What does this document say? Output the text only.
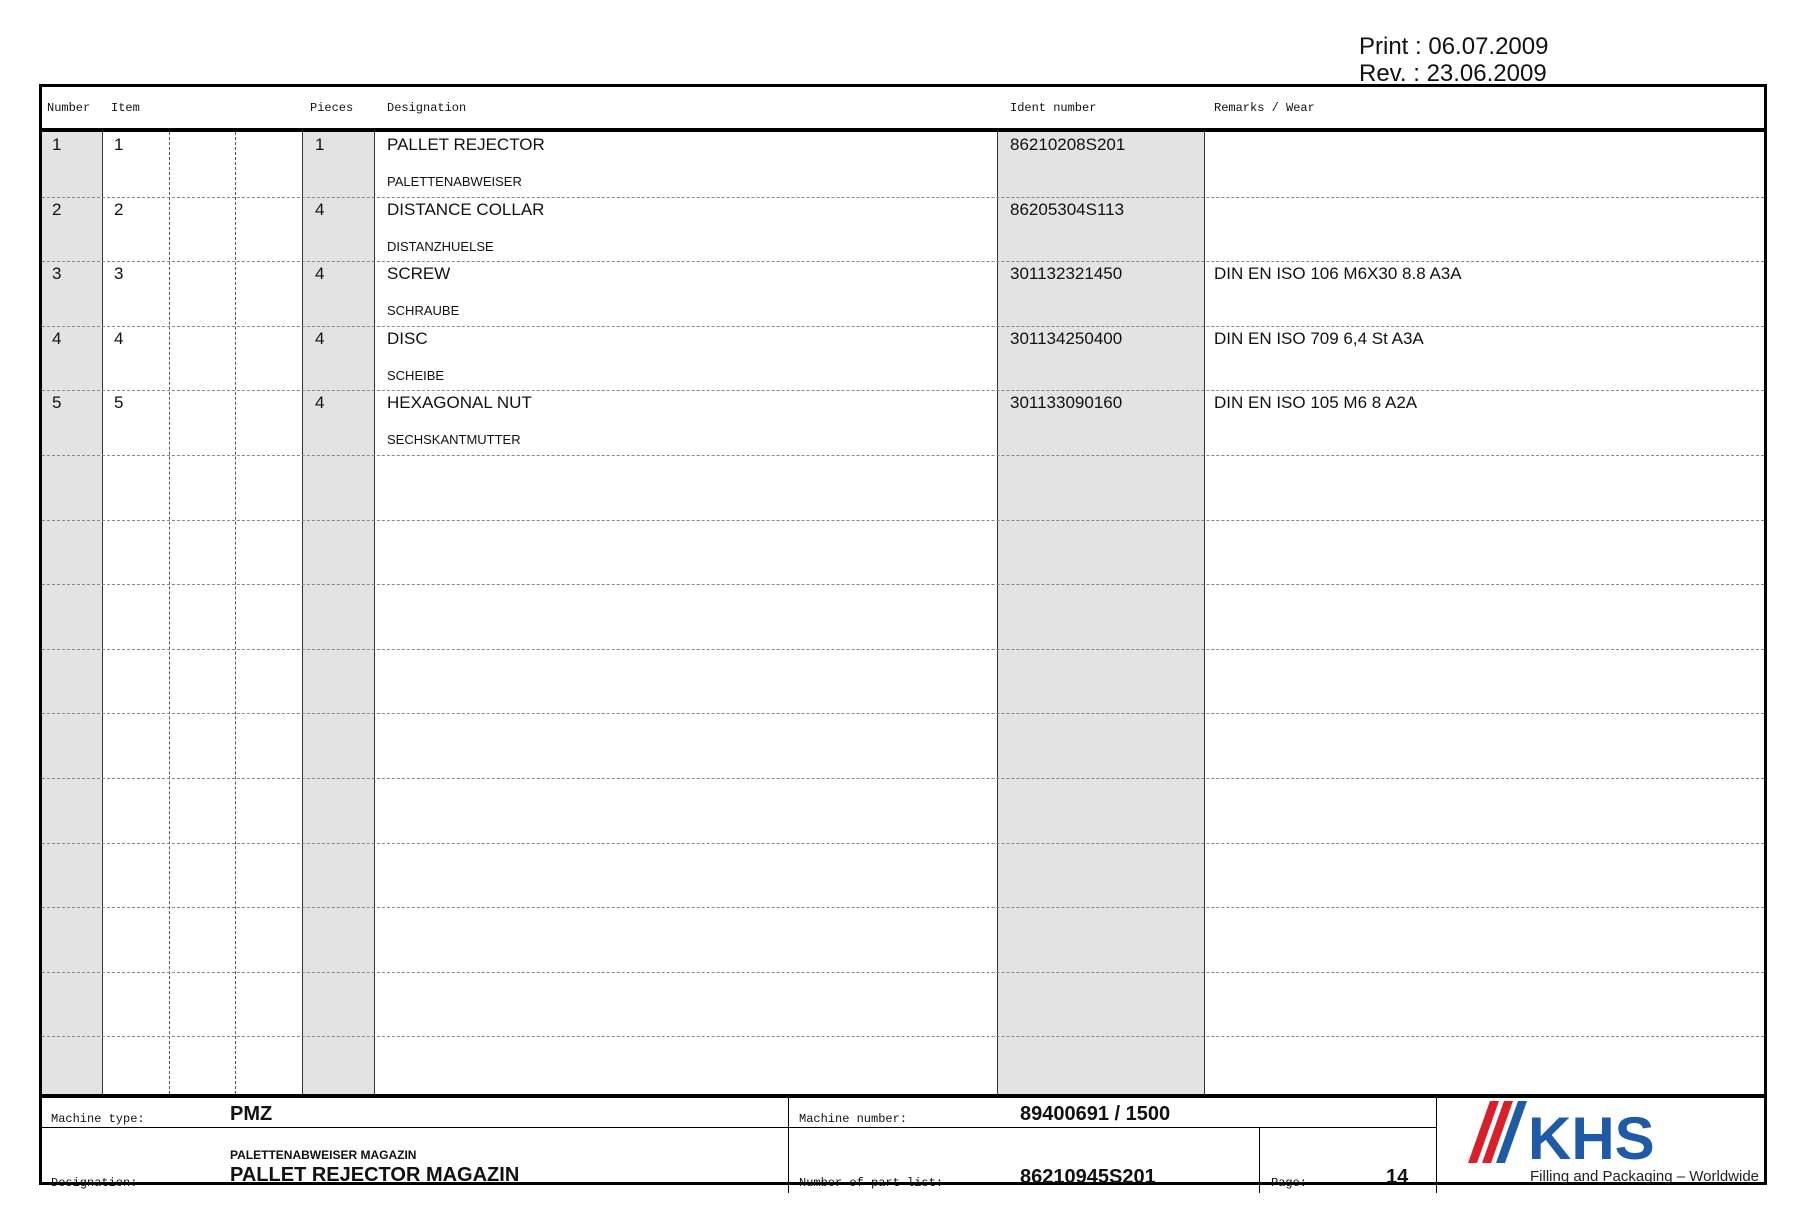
Print : 06.07.2009
Rev. : 23.06.2009
Number Item	Pieces	Designation	Ident number	Remarks / Wear
1	1	1	PALLET REJECTOR	86210208S201
PALETTENABWEISER
2	2	4	DISTANCE COLLAR	86205304S113
DISTANZHUELSE
3	3	4	SCREW	301132321450	DIN EN ISO 106 M6X30 8.8 A3A
SCHRAUBE
4	4	4	DISC	301134250400	DIN EN ISO 709 6,4 St A3A
SCHEIBE
5	5	4	HEXAGONAL NUT	301133090160	DIN EN ISO 105 M6 8 A2A
SECHSKANTMUTTER
Machine type:	PMZ	Machine number:	89400691 / 1500
Designation:
PALETTENABWEISER MAGAZIN
PALLET REJECTOR MAGAZIN	Number of part list:	86210945S201	Page:	14
KHS
Filling and Packaging – Worldwide
